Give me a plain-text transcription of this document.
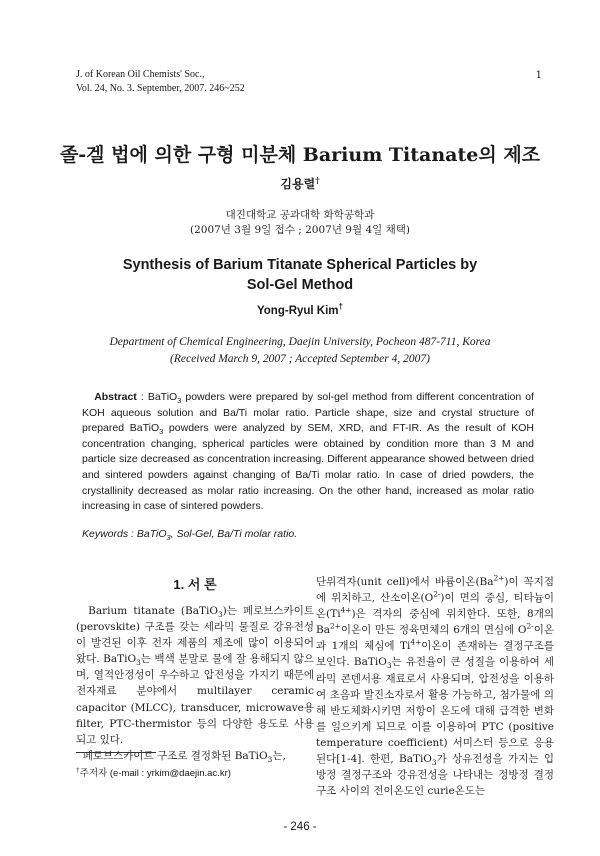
J. of Korean Oil Chemists' Soc.,
Vol. 24, No. 3. September, 2007. 246~252
1
졸-겔 법에 의한 구형 미분체 Barium Titanate의 제조
김용렬†
대진대학교 공과대학 화학공학과
(2007년 3월 9일 접수 ; 2007년 9월 4일 채택)
Synthesis of Barium Titanate Spherical Particles by
Sol-Gel Method
Yong-Ryul Kim†
Department of Chemical Engineering, Daejin University, Pocheon 487-711, Korea
(Received March 9, 2007 ; Accepted September 4, 2007)
Abstract : BaTiO$_3$ powders were prepared by sol-gel method from different concentration of KOH aqueous solution and Ba/Ti molar ratio. Particle shape, size and crystal structure of prepared BaTiO$_3$ powders were analyzed by SEM, XRD, and FT-IR. As the result of KOH concentration changing, spherical particles were obtained by condition more than 3 M and particle size decreased as concentration increasing. Different appearance showed between dried and sintered powders against changing of Ba/Ti molar ratio. In case of dried powders, the crystallinity decreased as molar ratio increasing. On the other hand, increased as molar ratio increasing in case of sintered powders.
Keywords : BaTiO$_3$, Sol-Gel, Ba/Ti molar ratio.
1. 서 론

Barium titanate (BaTiO$_3$)는 페로브스카이트 (perovskite) 구조를 갖는 세라믹 물질로 강유전성이 발견된 이후 전자 제품의 제조에 많이 이용되어 왔다. BaTiO$_3$는 백색 분말로 물에 잘 용해되지 않으며, 열적안정성이 우수하고 압전성을 가지기 때문에 전자재료 분야에서 multilayer ceramic capacitor (MLCC), transducer, microwave용 filter, PTC-thermistor 등의 다양한 용도로 사용되고 있다.

페로브스카이트 구조로 결정화된 BaTiO$_3$는,

단위격자(unit cell)에서 바륨이온$(Ba^{2+})$이 꼭지점에 위치하고, 산소이온$(O^{2-})$이 면의 중심, 티타늄이온$(Ti^{4+})$은 격자의 중심에 위치한다. 또한, 8개의 $Ba^{2+}$이온이 만든 정육면체의 6개의 면심에 $O^{2-}$이온과 1개의 체심에 $Ti^{4+}$이온이 존재하는 결정구조를 보인다. BaTiO$_3$는 유전율이 큰 성질을 이용하여 세라믹 콘덴서용 재료로서 사용되며, 압전성을 이용하여 초음파 발진소자로서 활용 가능하고, 첨가물에 의해 반도체화시키면 저항이 온도에 대해 급격한 변화를 일으키게 되므로 이를 이용하여 PTC (positive temperature coefficient) 서미스터 등으로 응용된다[1-4]. 한편, BaTiO$_3$가 상유전성을 가지는 입방정 결정구조와 강유전성을 나타내는 정방정 결정구조 사이의 전이온도인 curie온도는

†주저자 (e-mail : yrkim@daejin.ac.kr)
- 246 -
